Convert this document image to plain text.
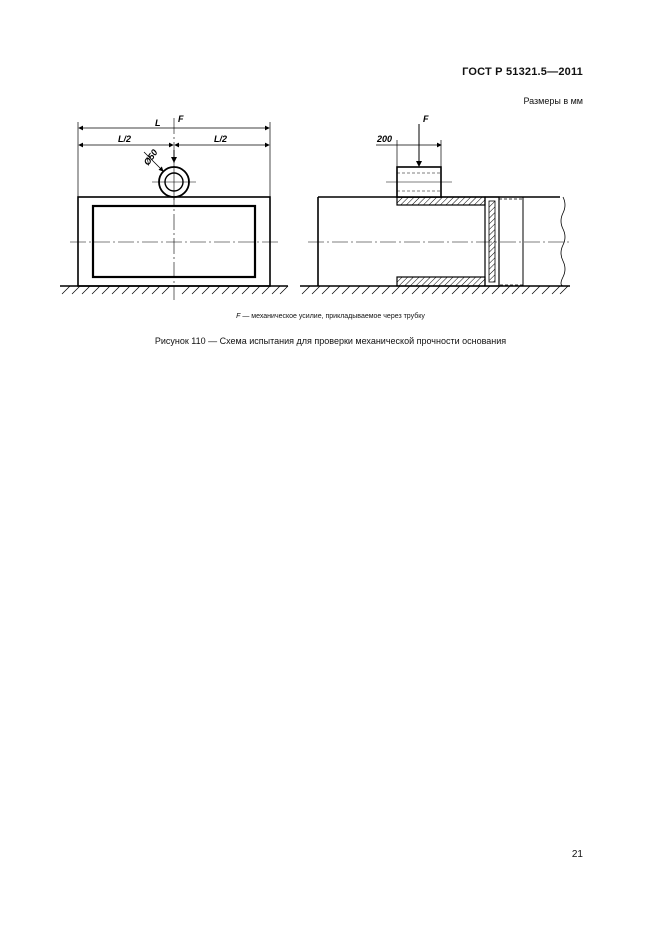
ГОСТ Р 51321.5—2011
Размеры в мм
L
L/2	L/2
F
Ø50
200
F
F — механическое усилие, прикладываемое через трубку
Рисунок 110 — Схема испытания для проверки механической прочности основания
21
